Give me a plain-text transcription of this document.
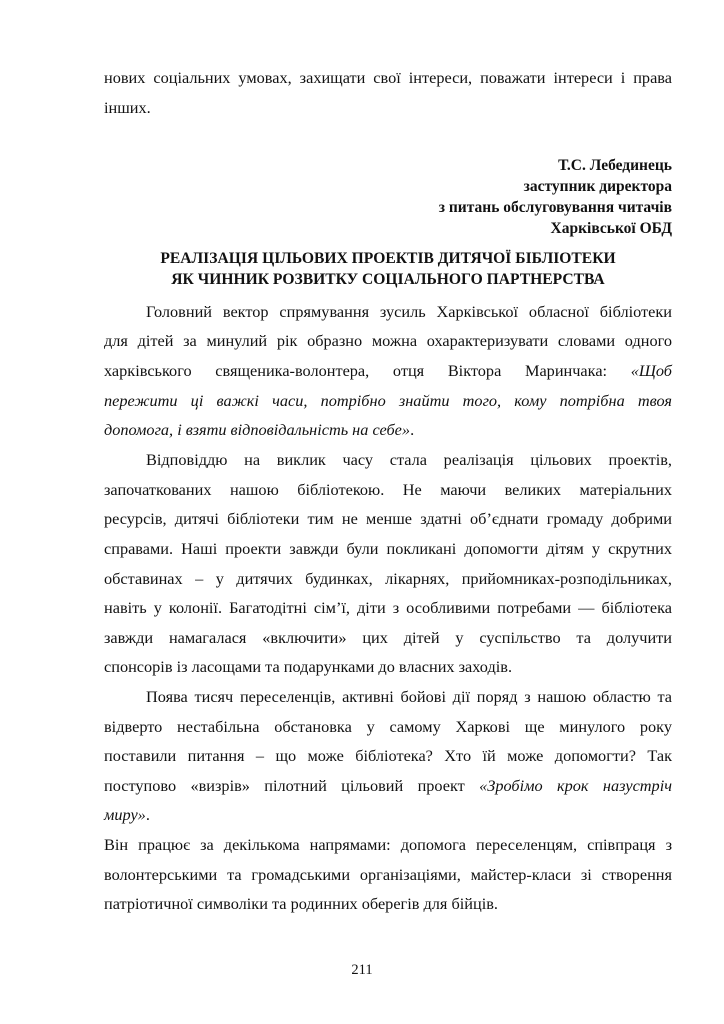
нових соціальних умовах, захищати свої інтереси, поважати інтереси і права
інших.
Т.С. Лебединець
заступник директора
з питань обслуговування читачів
Харківської ОБД
РЕАЛІЗАЦІЯ ЦІЛЬОВИХ ПРОЕКТІВ ДИТЯЧОЇ БІБЛІОТЕКИ
ЯК ЧИННИК РОЗВИТКУ СОЦІАЛЬНОГО ПАРТНЕРСТВА
Головний вектор спрямування зусиль Харківської обласної бібліотеки
для дітей за минулий рік образно можна охарактеризувати словами одного
харківського священика-волонтера, отця Віктора Маринчака: «Щоб
пережити ці важкі часи, потрібно знайти того, кому потрібна твоя
допомога, і взяти відповідальність на себе».
Відповіддю на виклик часу стала реалізація цільових проектів,
започаткованих нашою бібліотекою. Не маючи великих матеріальних
ресурсів, дитячі бібліотеки тим не менше здатні об’єднати громаду добрими
справами. Наші проекти завжди були покликані допомогти дітям у скрутних
обставинах – у дитячих будинках, лікарнях, прийомниках-розподільниках,
навіть у колонії. Багатодітні сім’ї, діти з особливими потребами — бібліотека
завжди намагалася «включити» цих дітей у суспільство та долучити
спонсорів із ласощами та подарунками до власних заходів.
Поява тисяч переселенців, активні бойові дії поряд з нашою областю та
відверто нестабільна обстановка у самому Харкові ще минулого року
поставили питання – що може бібліотека? Хто їй може допомогти? Так
поступово «визрів» пілотний цільовий проект «Зробімо крок назустріч
миру».
Він працює за декількома напрямами: допомога переселенцям, співпраця з
волонтерськими та громадськими організаціями, майстер-класи зі створення
патріотичної символіки та родинних оберегів для бійців.
211
